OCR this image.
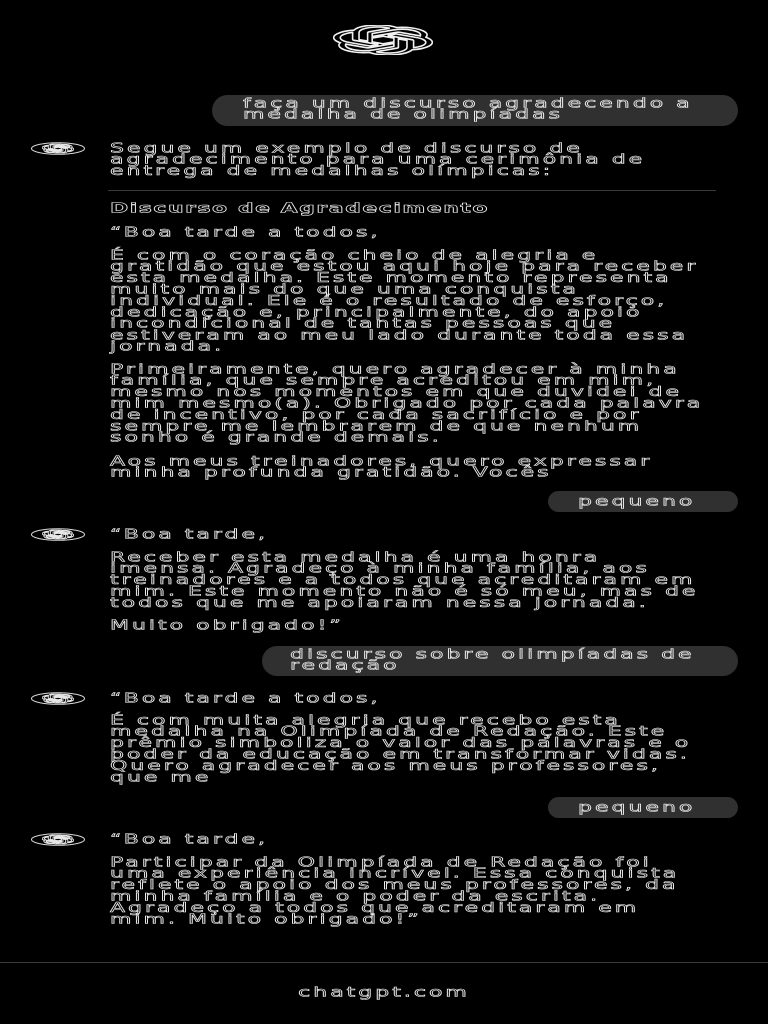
faça um discurso agradecendo a
medalha de olimpíadas

Segue um exemplo de discurso de
agradecimento para uma cerimônia de
entrega de medalhas olímpicas:

Discurso de Agradecimento

“Boa tarde a todos,

É com o coração cheio de alegria e
gratidão que estou aqui hoje para receber
esta medalha. Este momento representa
muito mais do que uma conquista
individual. Ele é o resultado de esforço,
dedicação e, principalmente, do apoio
incondicional de tantas pessoas que
estiveram ao meu lado durante toda essa
jornada.

Primeiramente, quero agradecer à minha
família, que sempre acreditou em mim,
mesmo nos momentos em que duvidei de
mim mesmo(a). Obrigado por cada palavra
de incentivo, por cada sacrifício e por
sempre me lembrarem de que nenhum
sonho é grande demais.

Aos meus treinadores, quero expressar
minha profunda gratidão. Vocês

pequeno

“Boa tarde,

Receber esta medalha é uma honra
imensa. Agradeço à minha família, aos
treinadores e a todos que acreditaram em
mim. Este momento não é só meu, mas de
todos que me apoiaram nessa jornada.

Muito obrigado!”

discurso sobre olimpíadas de
redação

“Boa tarde a todos,

É com muita alegria que recebo esta
medalha na Olimpíada de Redação. Este
prêmio simboliza o valor das palavras e o
poder da educação em transformar vidas.
Quero agradecer aos meus professores,
que me

pequeno

“Boa tarde,

Participar da Olimpíada de Redação foi
uma experiência incrível. Essa conquista
reflete o apoio dos meus professores, da
minha família e o poder da escrita.
Agradeço a todos que acreditaram em
mim. Muito obrigado!”

chatgpt.com
